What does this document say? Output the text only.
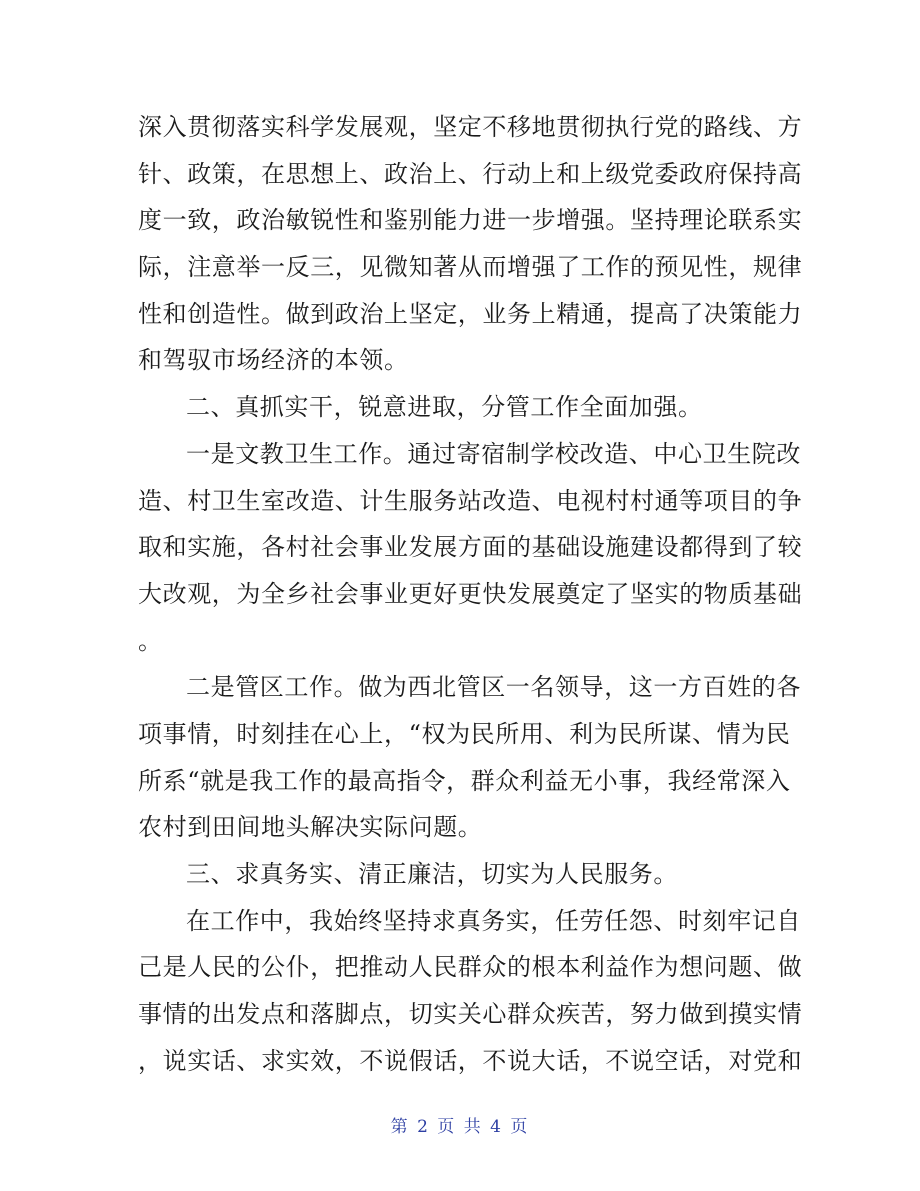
深入贯彻落实科学发展观，坚定不移地贯彻执行党的路线、方
针、政策，在思想上、政治上、行动上和上级党委政府保持高
度一致，政治敏锐性和鉴别能力进一步增强。坚持理论联系实
际，注意举一反三，见微知著从而增强了工作的预见性，规律
性和创造性。做到政治上坚定，业务上精通，提高了决策能力
和驾驭市场经济的本领。
二、真抓实干，锐意进取，分管工作全面加强。
一是文教卫生工作。通过寄宿制学校改造、中心卫生院改
造、村卫生室改造、计生服务站改造、电视村村通等项目的争
取和实施，各村社会事业发展方面的基础设施建设都得到了较
大改观，为全乡社会事业更好更快发展奠定了坚实的物质基础
。
二是管区工作。做为西北管区一名领导，这一方百姓的各
项事情，时刻挂在心上，“权为民所用、利为民所谋、情为民
所系“就是我工作的最高指令，群众利益无小事，我经常深入
农村到田间地头解决实际问题。
三、求真务实、清正廉洁，切实为人民服务。
在工作中，我始终坚持求真务实，任劳任怨、时刻牢记自
己是人民的公仆，把推动人民群众的根本利益作为想问题、做
事情的出发点和落脚点，切实关心群众疾苦，努力做到摸实情
，说实话、求实效，不说假话，不说大话，不说空话，对党和
第 2 页 共 4 页
